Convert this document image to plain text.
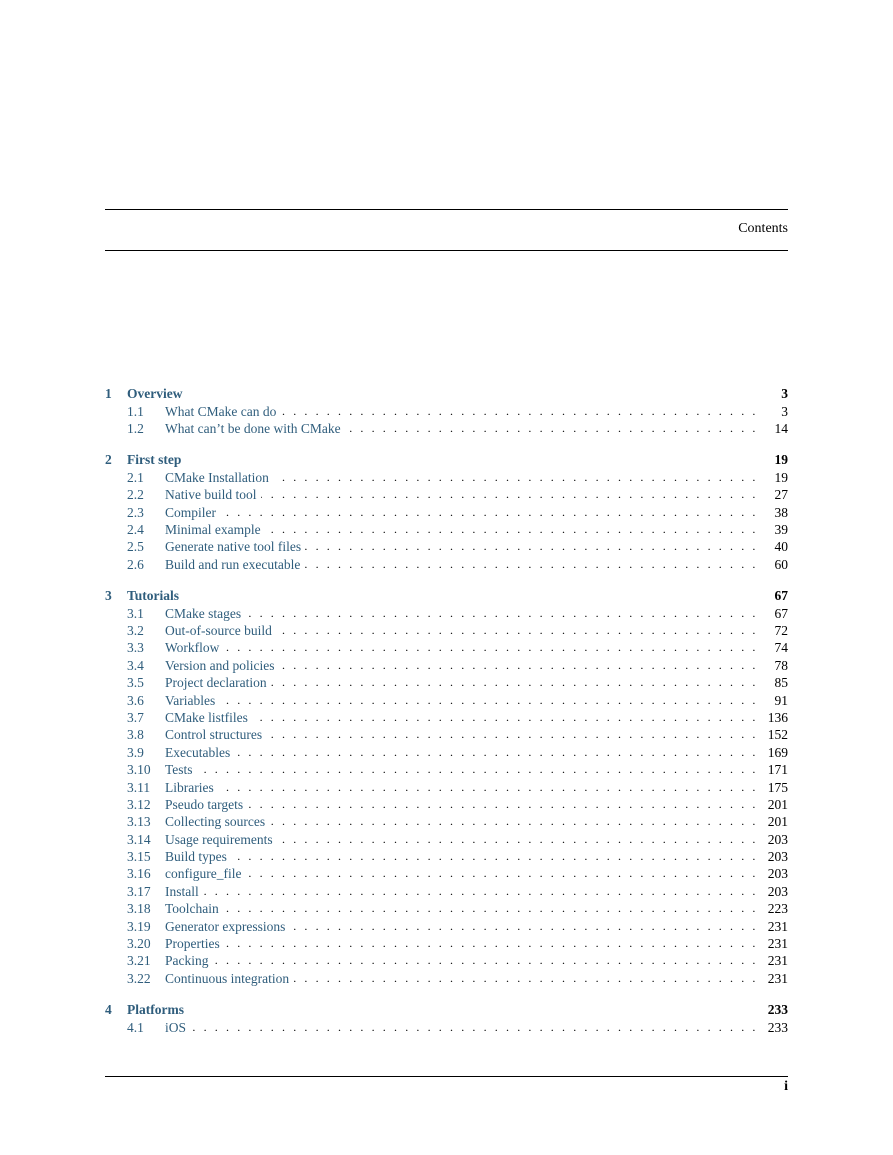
Contents
1	Overview	3
1.1	What CMake can do . . .	3
1.2	What can’t be done with CMake . . .	14
2	First step	19
2.1	CMake Installation . . .	19
2.2	Native build tool . . .	27
2.3	Compiler . . .	38
2.4	Minimal example . . .	39
2.5	Generate native tool files . . .	40
2.6	Build and run executable . . .	60
3	Tutorials	67
3.1	CMake stages . . .	67
3.2	Out-of-source build . . .	72
3.3	Workflow . . .	74
3.4	Version and policies . . .	78
3.5	Project declaration . . .	85
3.6	Variables . . .	91
3.7	CMake listfiles . . .	136
3.8	Control structures . . .	152
3.9	Executables . . .	169
3.10	Tests . . .	171
3.11	Libraries . . .	175
3.12	Pseudo targets . . .	201
3.13	Collecting sources . . .	201
3.14	Usage requirements . . .	203
3.15	Build types . . .	203
3.16	configure_file . . .	203
3.17	Install . . .	203
3.18	Toolchain . . .	223
3.19	Generator expressions . . .	231
3.20	Properties . . .	231
3.21	Packing . . .	231
3.22	Continuous integration . . .	231
4	Platforms	233
4.1	iOS . . .	233
i
